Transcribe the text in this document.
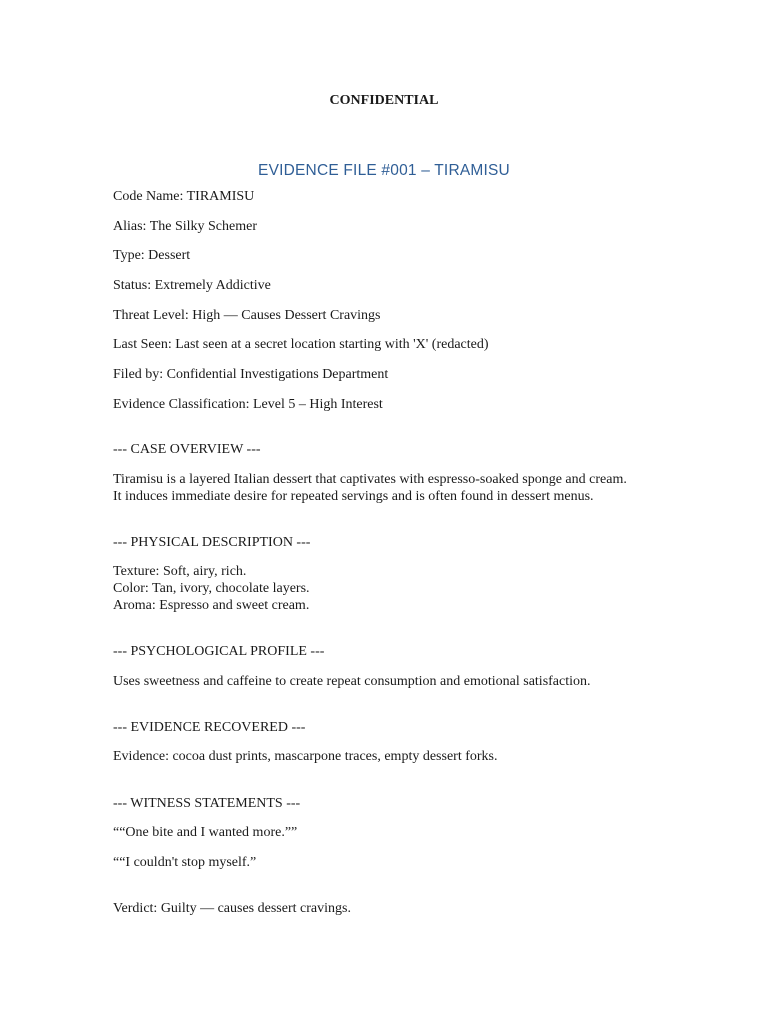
CONFIDENTIAL
EVIDENCE FILE #001 – TIRAMISU
Code Name: TIRAMISU
Alias: The Silky Schemer
Type: Dessert
Status: Extremely Addictive
Threat Level: High — Causes Dessert Cravings
Last Seen: Last seen at a secret location starting with 'X' (redacted)
Filed by: Confidential Investigations Department
Evidence Classification: Level 5 – High Interest
--- CASE OVERVIEW ---
Tiramisu is a layered Italian dessert that captivates with espresso-soaked sponge and cream.
It induces immediate desire for repeated servings and is often found in dessert menus.
--- PHYSICAL DESCRIPTION ---
Texture: Soft, airy, rich.
Color: Tan, ivory, chocolate layers.
Aroma: Espresso and sweet cream.
--- PSYCHOLOGICAL PROFILE ---
Uses sweetness and caffeine to create repeat consumption and emotional satisfaction.
--- EVIDENCE RECOVERED ---
Evidence: cocoa dust prints, mascarpone traces, empty dessert forks.
--- WITNESS STATEMENTS ---
““One bite and I wanted more.””
““I couldn't stop myself.”
Verdict: Guilty — causes dessert cravings.
